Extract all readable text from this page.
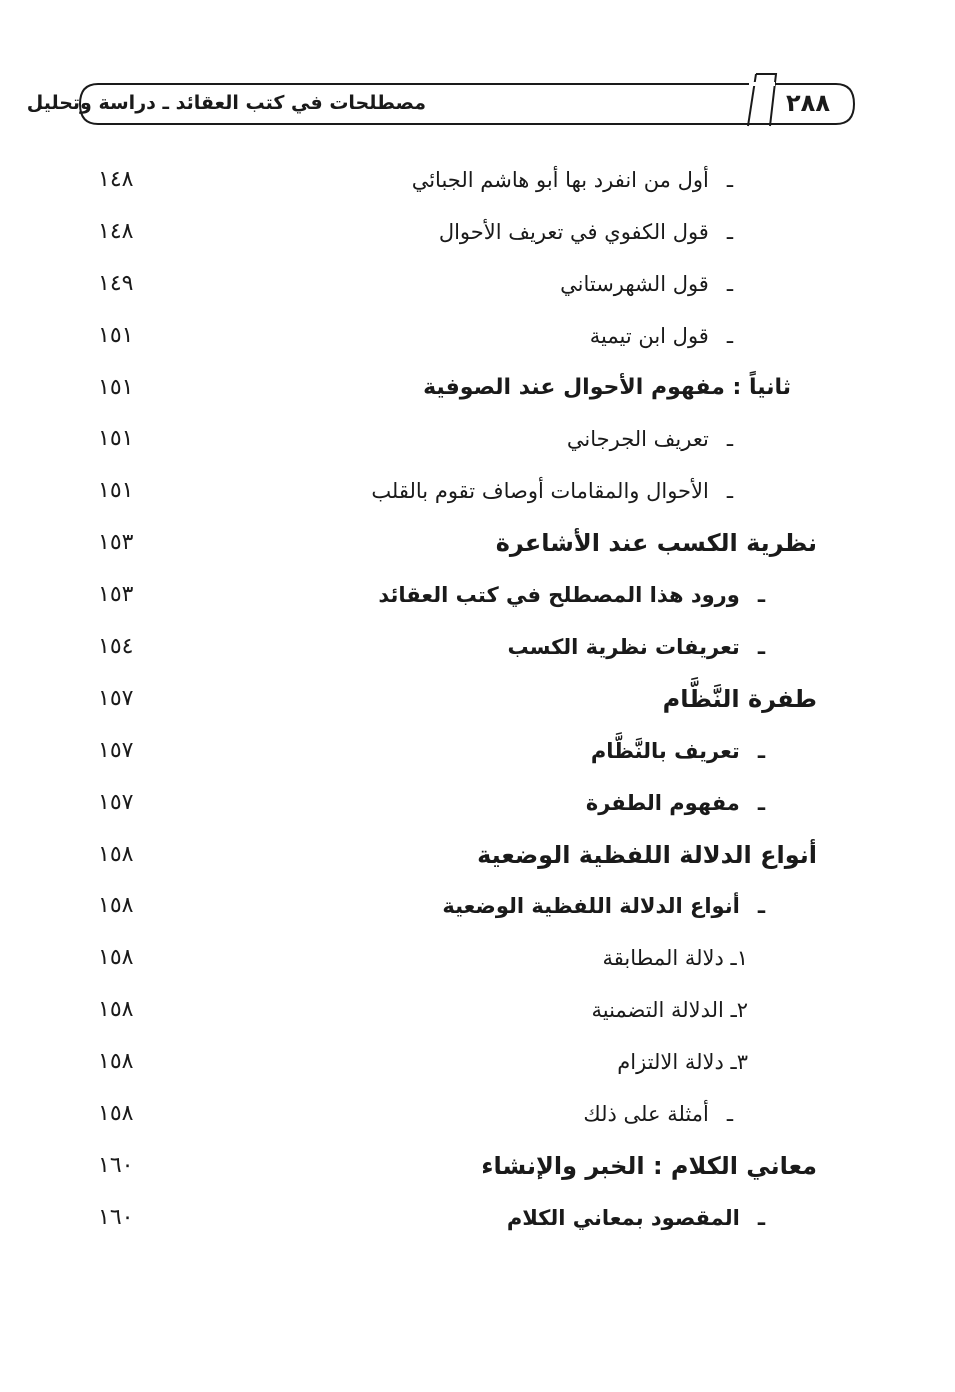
٢٨٨
مصطلحات في كتب العقائد ـ دراسة وتحليل
ـأول من انفرد بها أبو هاشم الجبائي
١٤٨
ـقول الكفوي في تعريف الأحوال
١٤٨
ـقول الشهرستاني
١٤٩
ـقول ابن تيمية
١٥١
ثانياً : مفهوم الأحوال عند الصوفية
١٥١
ـتعريف الجرجاني
١٥١
ـالأحوال والمقامات أوصاف تقوم بالقلب
١٥١
نظرية الكسب عند الأشاعرة
١٥٣
ـورود هذا المصطلح في كتب العقائد
١٥٣
ـتعريفات نظرية الكسب
١٥٤
طفرة النَّظَّام
١٥٧
ـتعريف بالنَّظَّام
١٥٧
ـمفهوم الطفرة
١٥٧
أنواع الدلالة اللفظية الوضعية
١٥٨
ـأنواع الدلالة اللفظية الوضعية
١٥٨
١ـ دلالة المطابقة
١٥٨
٢ـ الدلالة التضمنية
١٥٨
٣ـ دلالة الالتزام
١٥٨
ـأمثلة على ذلك
١٥٨
معاني الكلام : الخبر والإنشاء
١٦٠
ـالمقصود بمعاني الكلام
١٦٠
